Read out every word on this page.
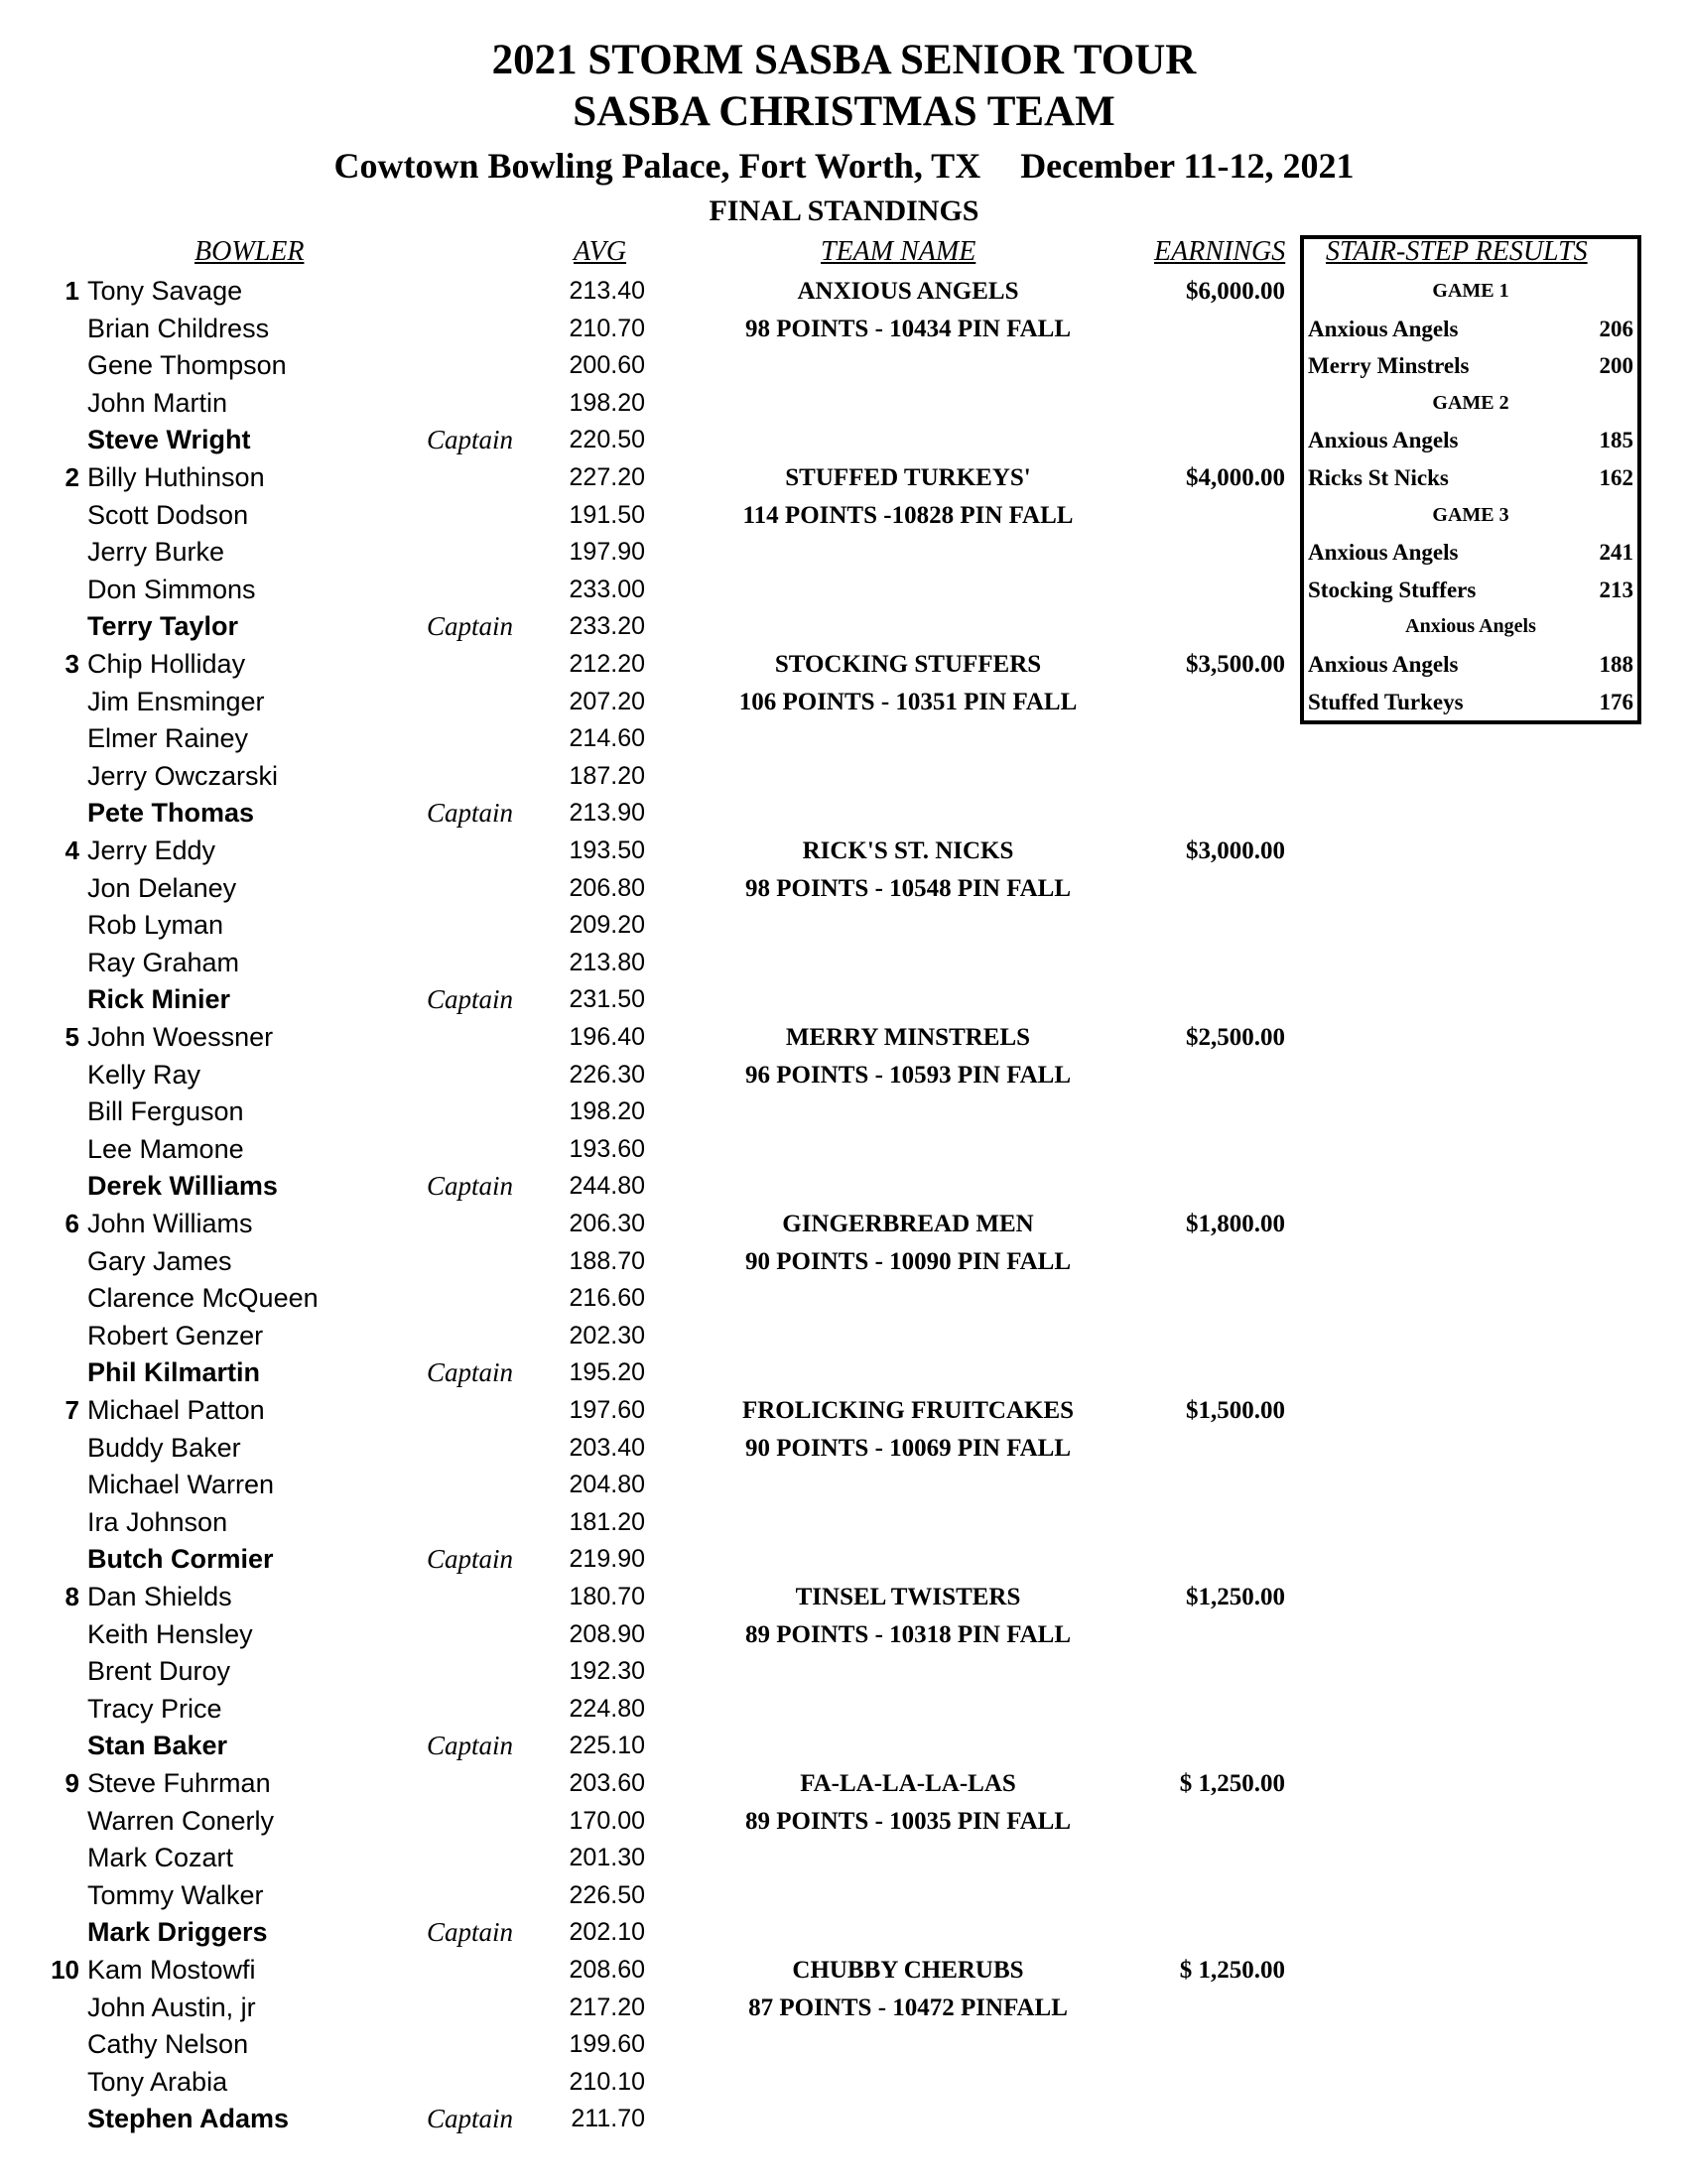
2021 STORM SASBA SENIOR TOUR
SASBA CHRISTMAS TEAM
Cowtown Bowling Palace, Fort Worth, TX December 11-12, 2021
FINAL STANDINGS
BOWLER	AVG	TEAM NAME	EARNINGS STAIR-STEP RESULTS
1 Tony Savage	213.40	ANXIOUS ANGELS	$6,000.00
Brian Childress	210.70	98 POINTS - 10434 PIN FALL
Gene Thompson	200.60
John Martin	198.20
Steve Wright	Captain	220.50
2 Billy Huthinson	227.20	STUFFED TURKEYS'	$4,000.00
Scott Dodson	191.50	114 POINTS -10828 PIN FALL
Jerry Burke	197.90
Don Simmons	233.00
Terry Taylor	Captain	233.20
3 Chip Holliday	212.20	STOCKING STUFFERS	$3,500.00
Jim Ensminger	207.20	106 POINTS - 10351 PIN FALL
Elmer Rainey	214.60
Jerry Owczarski	187.20
Pete Thomas	Captain	213.90
4 Jerry Eddy	193.50	RICK'S ST. NICKS	$3,000.00
Jon Delaney	206.80	98 POINTS - 10548 PIN FALL
Rob Lyman	209.20
Ray Graham	213.80
Rick Minier	Captain	231.50
5 John Woessner	196.40	MERRY MINSTRELS	$2,500.00
Kelly Ray	226.30	96 POINTS - 10593 PIN FALL
Bill Ferguson	198.20
Lee Mamone	193.60
Derek Williams	Captain	244.80
6 John Williams	206.30	GINGERBREAD MEN	$1,800.00
Gary James	188.70	90 POINTS - 10090 PIN FALL
Clarence McQueen	216.60
Robert Genzer	202.30
Phil Kilmartin	Captain	195.20
7 Michael Patton	197.60	FROLICKING FRUITCAKES	$1,500.00
Buddy Baker	203.40	90 POINTS - 10069 PIN FALL
Michael Warren	204.80
Ira Johnson	181.20
Butch Cormier	Captain	219.90
8 Dan Shields	180.70	TINSEL TWISTERS	$1,250.00
Keith Hensley	208.90	89 POINTS - 10318 PIN FALL
Brent Duroy	192.30
Tracy Price	224.80
Stan Baker	Captain	225.10
9 Steve Fuhrman	203.60	FA-LA-LA-LA-LAS	$ 1,250.00
Warren Conerly	170.00	89 POINTS - 10035 PIN FALL
Mark Cozart	201.30
Tommy Walker	226.50
Mark Driggers	Captain	202.10
10 Kam Mostowfi	208.60	CHUBBY CHERUBS	$ 1,250.00
John Austin, jr	217.20	87 POINTS - 10472 PINFALL
Cathy Nelson	199.60
Tony Arabia	210.10
Stephen Adams	Captain	211.70
GAME 1
Anxious Angels	206
Merry Minstrels	200
GAME 2
Anxious Angels	185
Ricks St Nicks	162
GAME 3
Anxious Angels	241
Stocking Stuffers	213
Anxious Angels
Anxious Angels	188
Stuffed Turkeys	176
